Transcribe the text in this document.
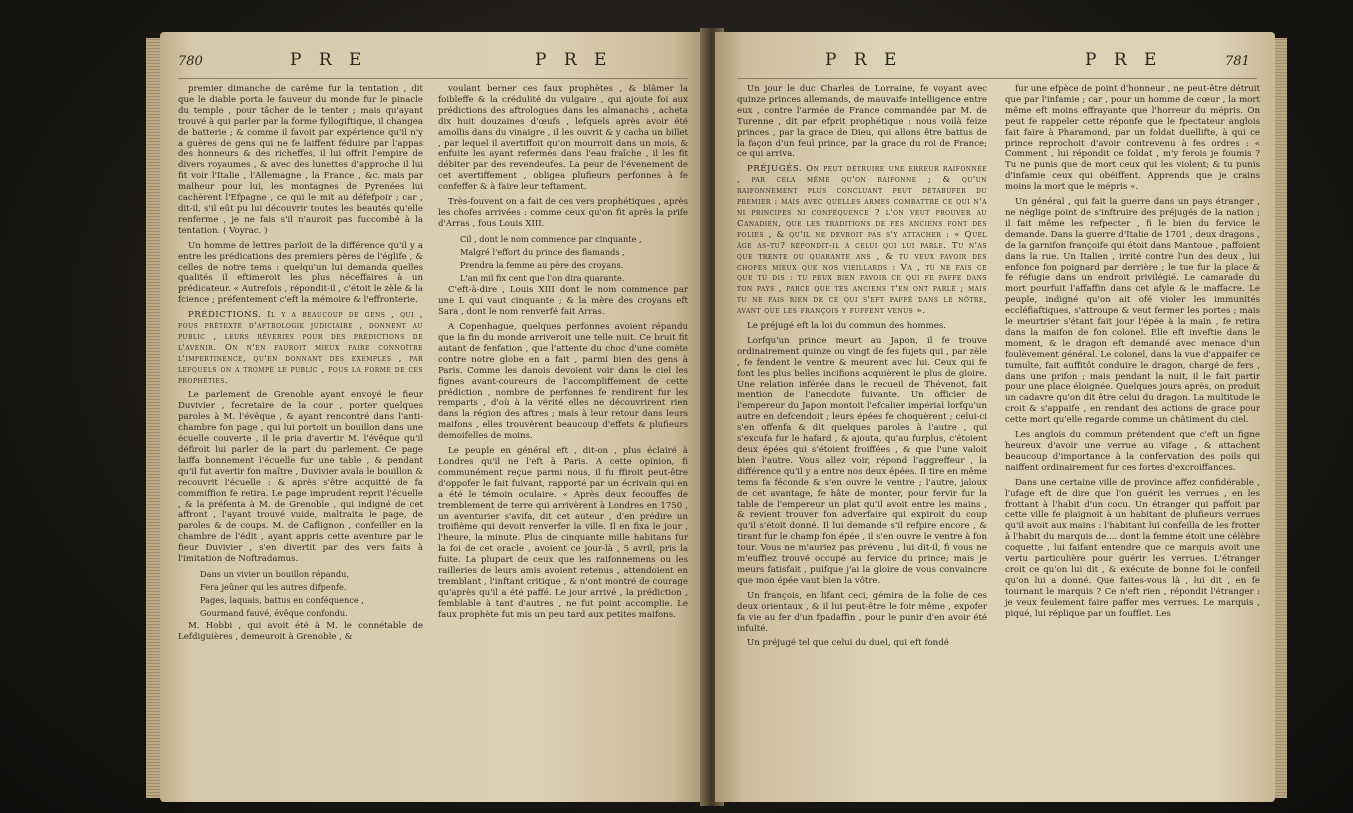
780	P R E	P R E

premier dimanche de carême fur la tentation , dit que le diable porta le fauveur du monde fur le pinacle du temple , pour tâcher de le tenter ; mais qu'ayant trouvé à qui parler par la forme fyllogiftique, il changea de batterie ; & comme il favoit par expérience qu'il n'y a guères de gens qui ne fe laiffent féduire par l'appas des honneurs & des richeffes, il lui offrit l'empire de divers royaumes , & avec des lunettes d'approche il lui fit voir l'Italie , l'Allemagne , la France , &c. mais par malheur pour lui, les montagnes de Pyrenées lui cachèrent l'Efpagne , ce qui le mit au défefpoir ; car , dit-il, s'il eût pu lui découvrir toutes les beautés qu'elle renferme , je ne fais s'il n'auroit pas fuccombé à la tentation. ( Voyrac. )

Un homme de lettres parloit de la différence qu'il y a entre les prédications des premiers pères de l'églife , & celles de notre tems : quelqu'un lui demanda quelles qualités il eftimeroit les plus néceffaires à un prédicateur. « Autrefois , répondit-il , c'étoit le zèle & la fcience ; préfentement c'eft la mémoire & l'effronterie.

PRÉDICTIONS. Il y a beaucoup de gens , qui , fous prétexte d'aftrologie judiciaire , donnent au public , leurs rêveries pour des prédictions de l'avenir. On n'en fauroit mieux faire connoître l'impertinence, qu'en donnant des exemples , par lefquels on a trompé le public , fous la forme de ces prophéties.

Le parlement de Grenoble ayant envoyé le fieur Duvivier , fecretaire de la cour , porter quelques paroles à M. l'évêque , & ayant rencontré dans l'anti-chambre fon page , qui lui portoit un bouillon dans une écuelle couverte , il le pria d'avertir M. l'évêque qu'il défiroit lui parler de la part du parlement. Ce page laiffa bonnement l'écuelle fur une table , & pendant qu'il fut avertir fon maître , Duvivier avala le bouillon & recouvrit l'écuelle : & après s'être acquitté de fa commiffion fe retira. Le page imprudent reprit l'écuelle , & la préfenta à M. de Grenoble , qui indigné de cet affront , l'ayant trouvé vuide, maltraita le page, de paroles & de coups. M. de Caflignon , confeiller en la chambre de l'édit , ayant appris cette aventure par le fieur Duvivier , s'en divertit par des vers faits à l'imitation de Noftradamus.

Dans un vivier un bouillon répandu,

Fera jeûner qui les autres difpenfe.

Pages, laquais, battus en conféquence ,

Gourmand fauvé, évêque confondu.

M. Hobbi , qui avoit été à M. le connétable de Lefdiguières , demeuroit à Grenoble , &

voulant berner ces faux prophètes , & blâmer la foibleffe & la crédulité du vulgaire , qui ajoute foi aux prédictions des aftrologues dans les almanachs , acheta dix huit douzaines d'œufs , lefquels après avoir été amollis dans du vinaigre , il les ouvrit & y cacha un billet , par lequel il avertiffoit qu'on mourroit dans un mois, & enfuite les ayant refermés dans l'eau fraîche , il les fit débiter par des revendeufes. La peur de l'évenement de cet avertiffement , obligea plufieurs perfonnes à fe confeffer & à faire leur teftament.

Très-fouvent on a fait de ces vers prophétiques , après les chofes arrivées : comme ceux qu'on fit après la prife d'Arras , fous Louis XIII.

Cil , dont le nom commence par cinquante ,

Malgré l'effort du prince des flamands ,

Prendra la femme au père des croyans.

L'an mil fix cent que l'on dira quarante.

C'eft-à-dire , Louis XIII dont le nom commence par une L qui vaut cinquante ; & la mère des croyans eft Sara , dont le nom renverfé fait Arras.

A Copenhague, quelques perfonnes avoient répandu que la fin du monde arriveroit une telle nuit. Ce bruit fit autant de fenfation , que l'attente du choc d'une comète contre notre globe en a fait , parmi bien des gens à Paris. Comme les danois devoient voir dans le ciel les fignes avant-coureurs de l'accompliffement de cette prédiction , nombre de perfonnes fe rendirent fur les remparts , d'où à la vérité elles ne découvrirent rien dans la région des aftres ; mais à leur retour dans leurs maifons , elles trouvèrent beaucoup d'effets & plufieurs demoifelles de moins.

Le peuple en général eft , dit-on , plus éclairé à Londres qu'il ne l'eft à Paris. A cette opinion, fi communément reçue parmi nous, il fu ffiroit peut-être d'oppofer le fait fuivant, rapporté par un écrivain qui en a été le témoin oculaire. « Après deux fecouffes de tremblement de terre qui arrivèrent à Londres en 1750 , un aventurier s'avifa, dit cet auteur , d'en prédire un troifième qui devoit renverfer la ville. Il en fixa le jour , l'heure, la minute. Plus de cinquante mille habitans fur la foi de cet oracle , avoient ce jour-là , 5 avril, pris la fuite. La plupart de ceux que les raifonnemens ou les railleries de leurs amis avoient retenus , attendoient en tremblant , l'inftant critique , & n'ont montré de courage qu'après qu'il a été paffé. Le jour arrivé , la prédiction , femblable à tant d'autres , ne fut point accomplie. Le faux prophète fut mis un peu tard aux petites maifons.

P R E	P R E	781

Un jour le duc Charles de Lorraine, fe voyant avec quinze princes allemands, de mauvaife intelligence entre eux , contre l'armée de France commandée par M. de Turenne , dit par efprit prophétique : nous voilà feize princes , par la grace de Dieu, qui allons être battus de la façon d'un feul prince, par la grace du roi de France; ce qui arriva.

PRÉJUGÉS. On peut détruire une erreur raifonnée , par cela même qu'on raifonne ; & qu'un raifonnement plus concluant peut détabufer du premier : mais avec quelles armes combattre ce qui n'a ni principes ni conféquence ? l'on veut prouver au Canadien, que les traditions de fes anciens font des folies , & qu'il ne devroit pas s'y attacher : « Quel âge as-tu? répondit-il à celui qui lui parle. Tu n'as que trente ou quarante ans , & tu veux favoir des chofes mieux que nos vieillards : Va , tu ne fais ce que tu dis : tu peux bien favoir ce qui fe paffe dans ton pays , parce que tes anciens t'en ont parlé ; mais tu ne fais rien de ce qui s'eft paffé dans le nôtre, avant que les françois y fuffent venus ».

Le préjugé eft la loi du commun des hommes.

Lorfqu'un prince meurt au Japon, il fe trouve ordinairement quinze ou vingt de fes fujets qui , par zèle , fe fendent le ventre & meurent avec lui. Ceux qui fe font les plus belles incifions acquièrent le plus de gloire. Une relation inférée dans le recueil de Thévenot, fait mention de l'anecdote fuivante. Un officier de l'empereur du Japon montoit l'efcalier impérial lorfqu'un autre en defcendoit ; leurs épées fe choquèrent ; celui-ci s'en offenfa & dit quelques paroles à l'autre , qui s'excufa fur le hafard , & ajouta, qu'au furplus, c'étoient deux épées qui s'étoient froiffées , & que l'une valoit bien l'autre. Vous allez voir, répond l'aggreffeur , la différence qu'il y a entre nos deux épées. Il tire en même tems fa féconde & s'en ouvre le ventre ; l'autre, jaloux de cet avantage, fe hâte de monter, pour fervir fur la table de l'empereur un plat qu'il avoit entre les mains , & revient trouver fon adverfaire qui expiroit du coup qu'il s'étoit donné. Il lui demande s'il refpire encore , & tirant fur le champ fon épée , il s'en ouvre le ventre à fon tour. Vous ne m'auriez pas prévenu , lui dit-il, fi vous ne m'euffiez trouvé occupé au fervice du prince; mais je meurs fatisfait , puifque j'ai la gloire de vous convaincre que mon épée vaut bien la vôtre.

Un françois, en lifant ceci, gémira de la folie de ces deux orientaux , & il lui peut-être le foir même , expofer fa vie au fer d'un fpadaffin , pour le punir d'en avoir été infulté.

Un préjugé tel que celui du duel, qui eft fondé

fur une efpèce de point d'honneur , ne peut-être détruit que par l'infamie ; car , pour un homme de cœur , la mort même eft moins effrayante que l'horreur du mépris. On peut fe rappeler cette réponfe que le fpectateur anglois fait faire à Pharamond, par un foldat duellifte, à qui ce prince reprochoit d'avoir contrevenu à fes ordres : « Comment , lui répondit ce foldat , m'y ferois je foumis ? Tu ne punis que de mort ceux qui les violent; & tu punis d'infamie ceux qui obéiffent. Apprends que je crains moins la mort que le mépris «.

Un général , qui fait la guerre dans un pays étranger , ne néglige point de s'inftruire des préjugés de la nation ; il fait même les refpecter , fi le bien du fervice le demande. Dans la guerre d'Italie de 1701 , deux dragons , de la garnifon françoife qui étoit dans Mantoue , paffoient dans la rue. Un Italien , irrité contre l'un des deux , lui enfonce fon poignard par derrière ; le tue fur la place & fe réfugie dans un endroit privilégié. Le camarade du mort pourfuit l'affaffin dans cet afyle & le maffacre. Le peuple, indigné qu'on ait ofé violer les immunités eccléfiaftiques, s'attroupe & veut fermer les portes ; mais le meurtrier s'étant fait jour l'épée à la main , fe retira dans la maifon de fon colonel. Elle eft inveftie dans le moment, & le dragon eft demandé avec menace d'un foulèvement général. Le colonel, dans la vue d'appaifer ce tumulte, fait auffitôt conduire le dragon, chargé de fers , dans une prifon ; mais pendant la nuit, il le fait partir pour une place éloignée. Quelques jours après, on produit un cadavre qu'on dit être celui du dragon. La multitude le croit & s'appaife , en rendant des actions de grace pour cette mort qu'elle regarde comme un châtiment du ciel.

Les anglois du commun prétendent que c'eft un figne heureux d'avoir une verrue au vifage , & attachent beaucoup d'importance à la confervation des poils qui naiffent ordinairement fur ces fortes d'excroiffances.

Dans une certaine ville de province affez confidérable , l'ufage eft de dire que l'on guérit les verrues , en les frottant à l'habit d'un cocu. Un étranger qui paffoit par cette ville fe plaignoit à un habitant de plufieurs verrues qu'il avoit aux mains : l'habitant lui confeilla de les frotter à l'habit du marquis de.... dont la femme étoit une célèbre coquette , lui faifant entendre que ce marquis avoit une vertu particulière pour guérir les verrues. L'étranger croit ce qu'on lui dit , & exécute de bonne foi le confeil qu'on lui a donné. Que faites-vous là , lui dit , en fe tournant le marquis ? Ce n'eft rien , répondit l'étranger : je veux feulement faire paffer mes verrues. Le marquis , piqué, lui réplique par un foufflet. Les
